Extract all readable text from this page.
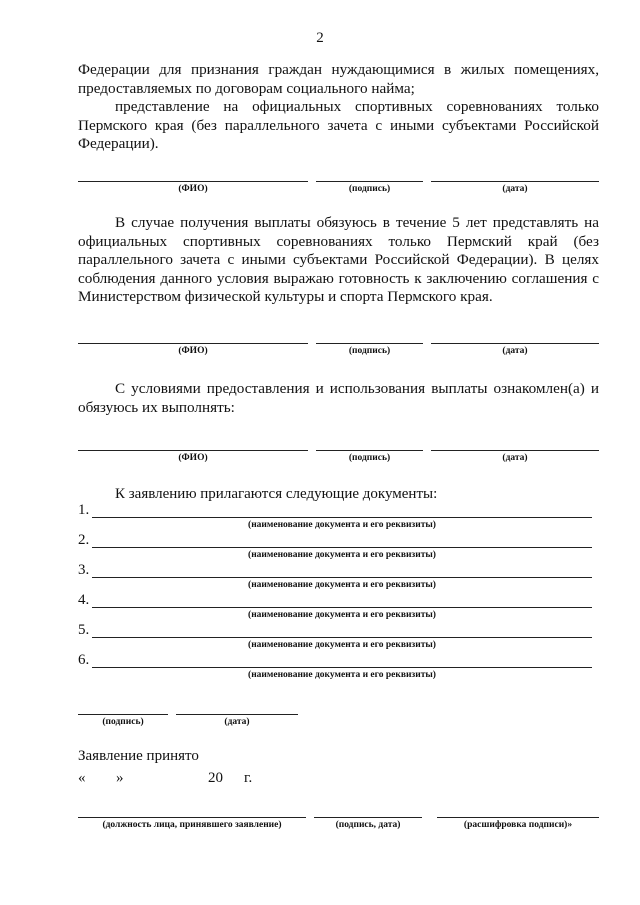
2
Федерации для признания граждан нуждающимися в жилых помещениях, предоставляемых по договорам социального найма;
представление на официальных спортивных соревнованиях только Пермского края (без параллельного зачета с иными субъектами Российской Федерации).
(ФИО)	(подпись)	(дата)
В случае получения выплаты обязуюсь в течение 5 лет представлять на официальных спортивных соревнованиях только Пермский край (без параллельного зачета с иными субъектами Российской Федерации). В целях соблюдения данного условия выражаю готовность к заключению соглашения с Министерством физической культуры и спорта Пермского края.
(ФИО)	(подпись)	(дата)
С условиями предоставления и использования выплаты ознакомлен(а) и обязуюсь их выполнять:
(ФИО)	(подпись)	(дата)
К заявлению прилагаются следующие документы:
1.
(наименование документа и его реквизиты)
2.
(наименование документа и его реквизиты)
3.
(наименование документа и его реквизиты)
4.
(наименование документа и его реквизиты)
5.
(наименование документа и его реквизиты)
6.
(наименование документа и его реквизиты)
(подпись)	(дата)
Заявление принято
« »	20 г.
(должность лица, принявшего заявление)	(подпись, дата)	(расшифровка подписи)»
